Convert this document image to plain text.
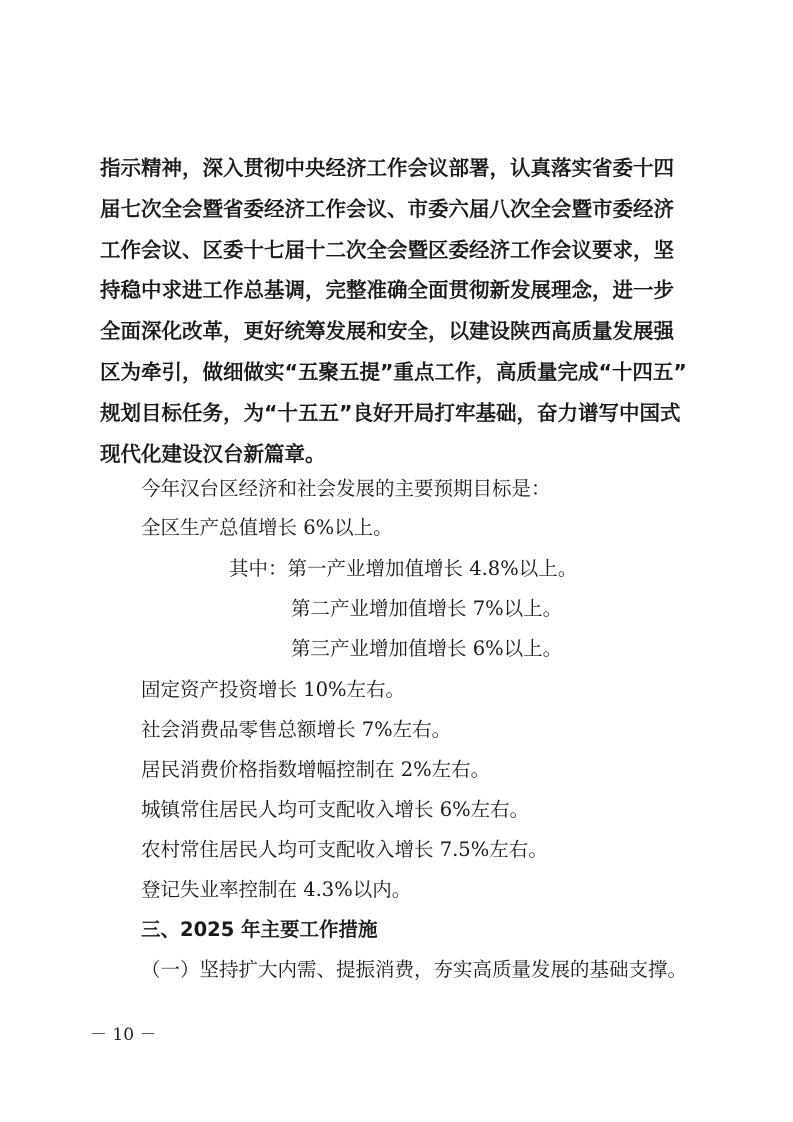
指示精神，深入贯彻中央经济工作会议部署，认真落实省委十四
届七次全会暨省委经济工作会议、市委六届八次全会暨市委经济
工作会议、区委十七届十二次全会暨区委经济工作会议要求，坚
持稳中求进工作总基调，完整准确全面贯彻新发展理念，进一步
全面深化改革，更好统筹发展和安全，以建设陕西高质量发展强
区为牵引，做细做实“五聚五提”重点工作，高质量完成“十四五”
规划目标任务，为“十五五”良好开局打牢基础，奋力谱写中国式
现代化建设汉台新篇章。
今年汉台区经济和社会发展的主要预期目标是：
全区生产总值增长 6%以上。
其中：第一产业增加值增长 4.8%以上。
第二产业增加值增长 7%以上。
第三产业增加值增长 6%以上。
固定资产投资增长 10%左右。
社会消费品零售总额增长 7%左右。
居民消费价格指数增幅控制在 2%左右。
城镇常住居民人均可支配收入增长 6%左右。
农村常住居民人均可支配收入增长 7.5%左右。
登记失业率控制在 4.3%以内。
三、2025 年主要工作措施
（一）坚持扩大内需、提振消费，夯实高质量发展的基础支撑。
－ 10 －
